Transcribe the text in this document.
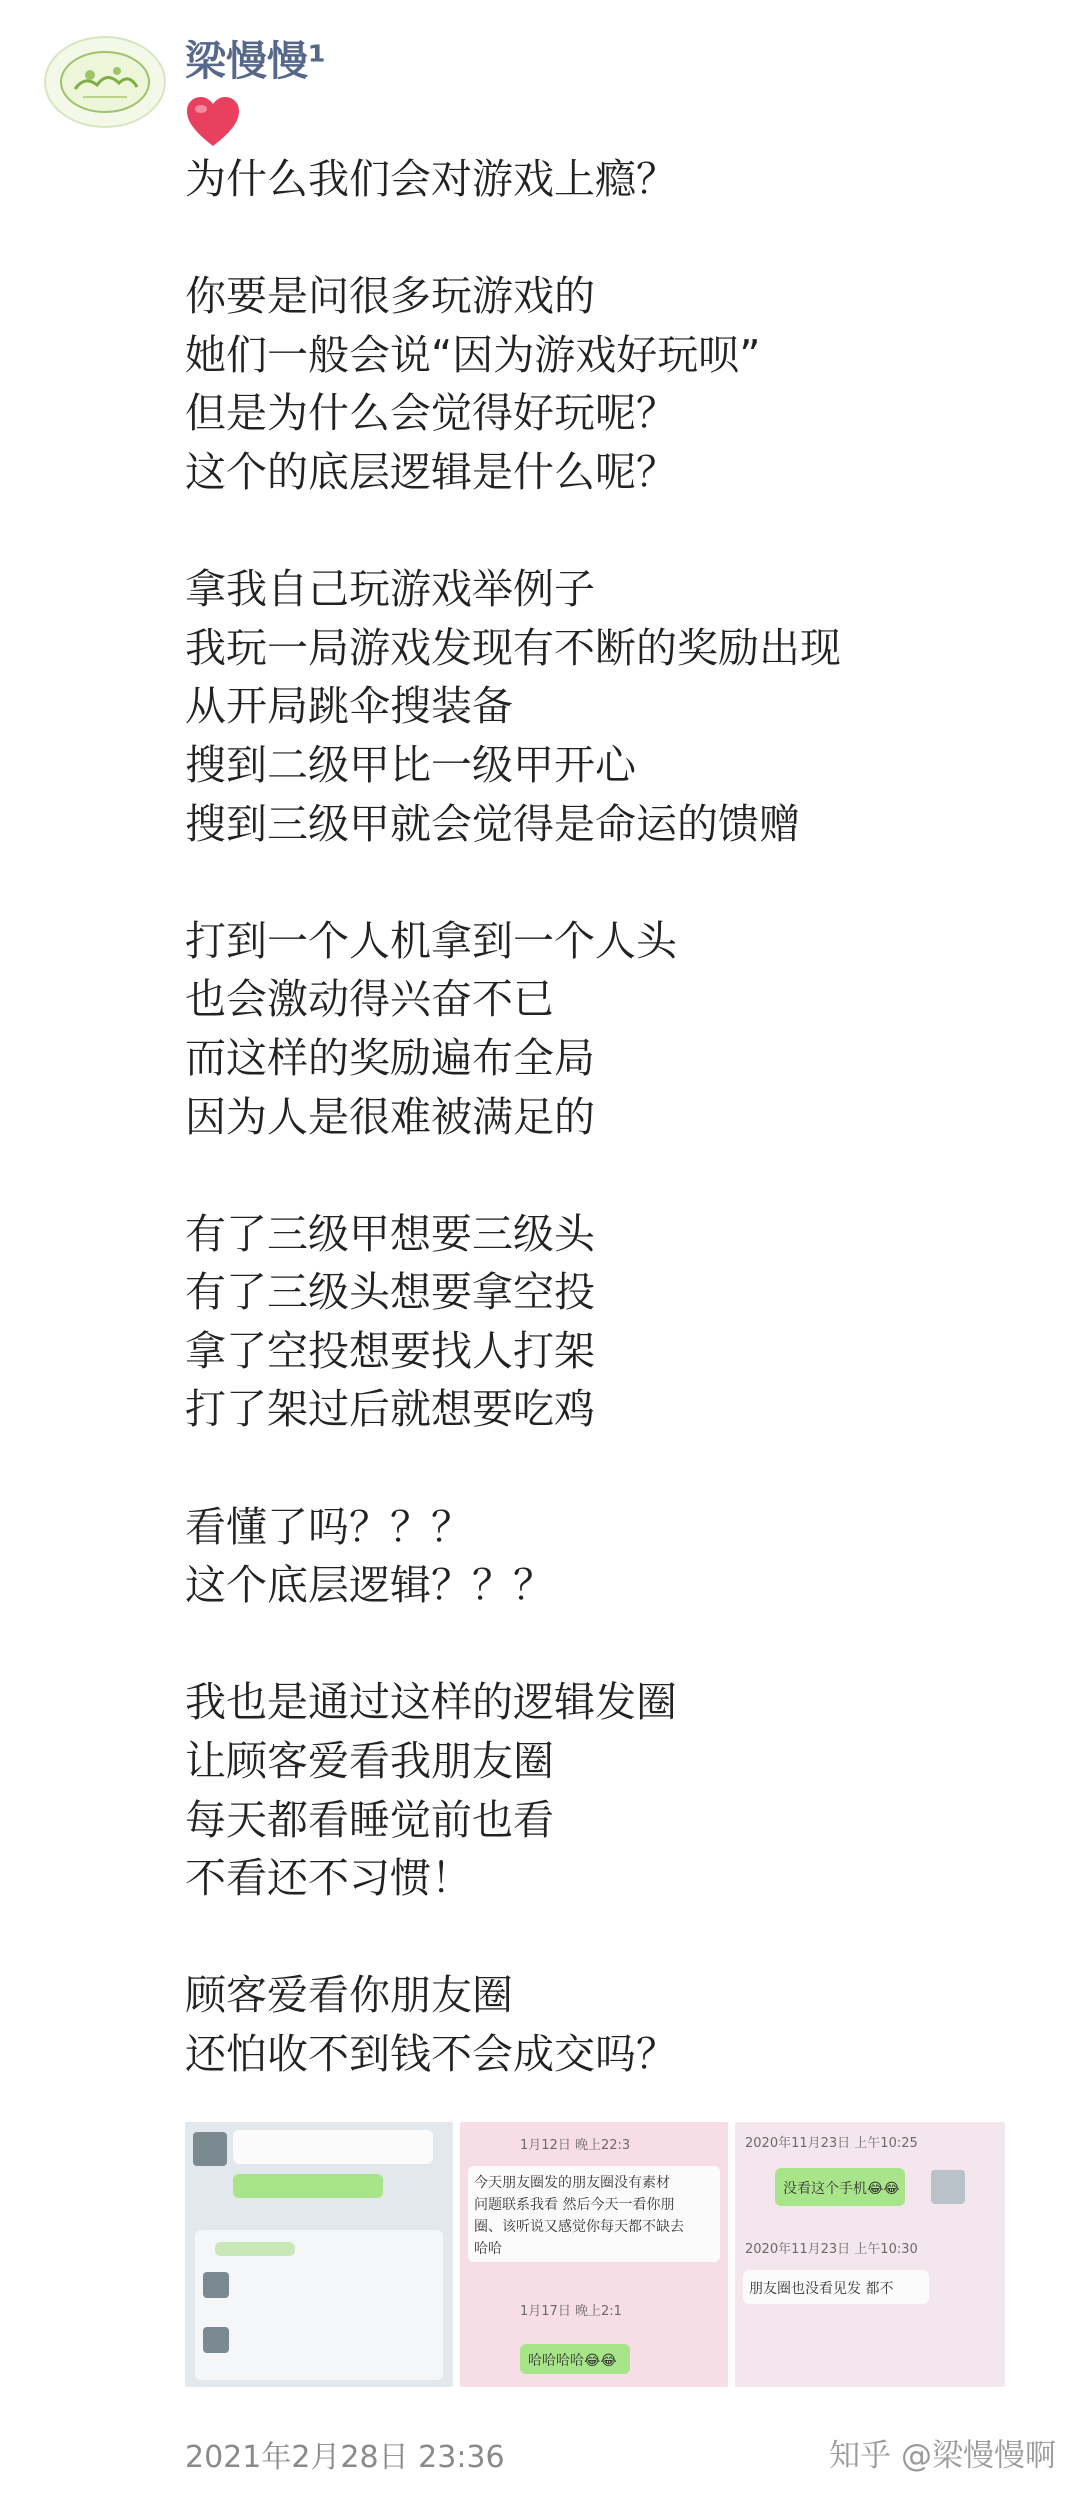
梁慢慢¹
为什么我们会对游戏上瘾？
你要是问很多玩游戏的
她们一般会说“因为游戏好玩呗”
但是为什么会觉得好玩呢？
这个的底层逻辑是什么呢？
拿我自己玩游戏举例子
我玩一局游戏发现有不断的奖励出现
从开局跳伞搜装备
搜到二级甲比一级甲开心
搜到三级甲就会觉得是命运的馈赠
打到一个人机拿到一个人头
也会激动得兴奋不已
而这样的奖励遍布全局
因为人是很难被满足的
有了三级甲想要三级头
有了三级头想要拿空投
拿了空投想要找人打架
打了架过后就想要吃鸡
看懂了吗？？？
这个底层逻辑？？？
我也是通过这样的逻辑发圈
让顾客爱看我朋友圈
每天都看睡觉前也看
不看还不习惯！
顾客爱看你朋友圈
还怕收不到钱不会成交吗？
1月12日 晚上22:3
今天朋友圈发的朋友圈没有素材
问题联系我看 然后今天一看你朋
圈、该听说又感觉你每天都不缺去
哈哈
1月17日 晚上2:1
哈哈哈哈😂😂
2020年11月23日 上午10:25
没看这个手机😂😂
2020年11月23日 上午10:30
朋友圈也没看见发 都不
2021年2月28日 23:36	知乎 @梁慢慢啊
